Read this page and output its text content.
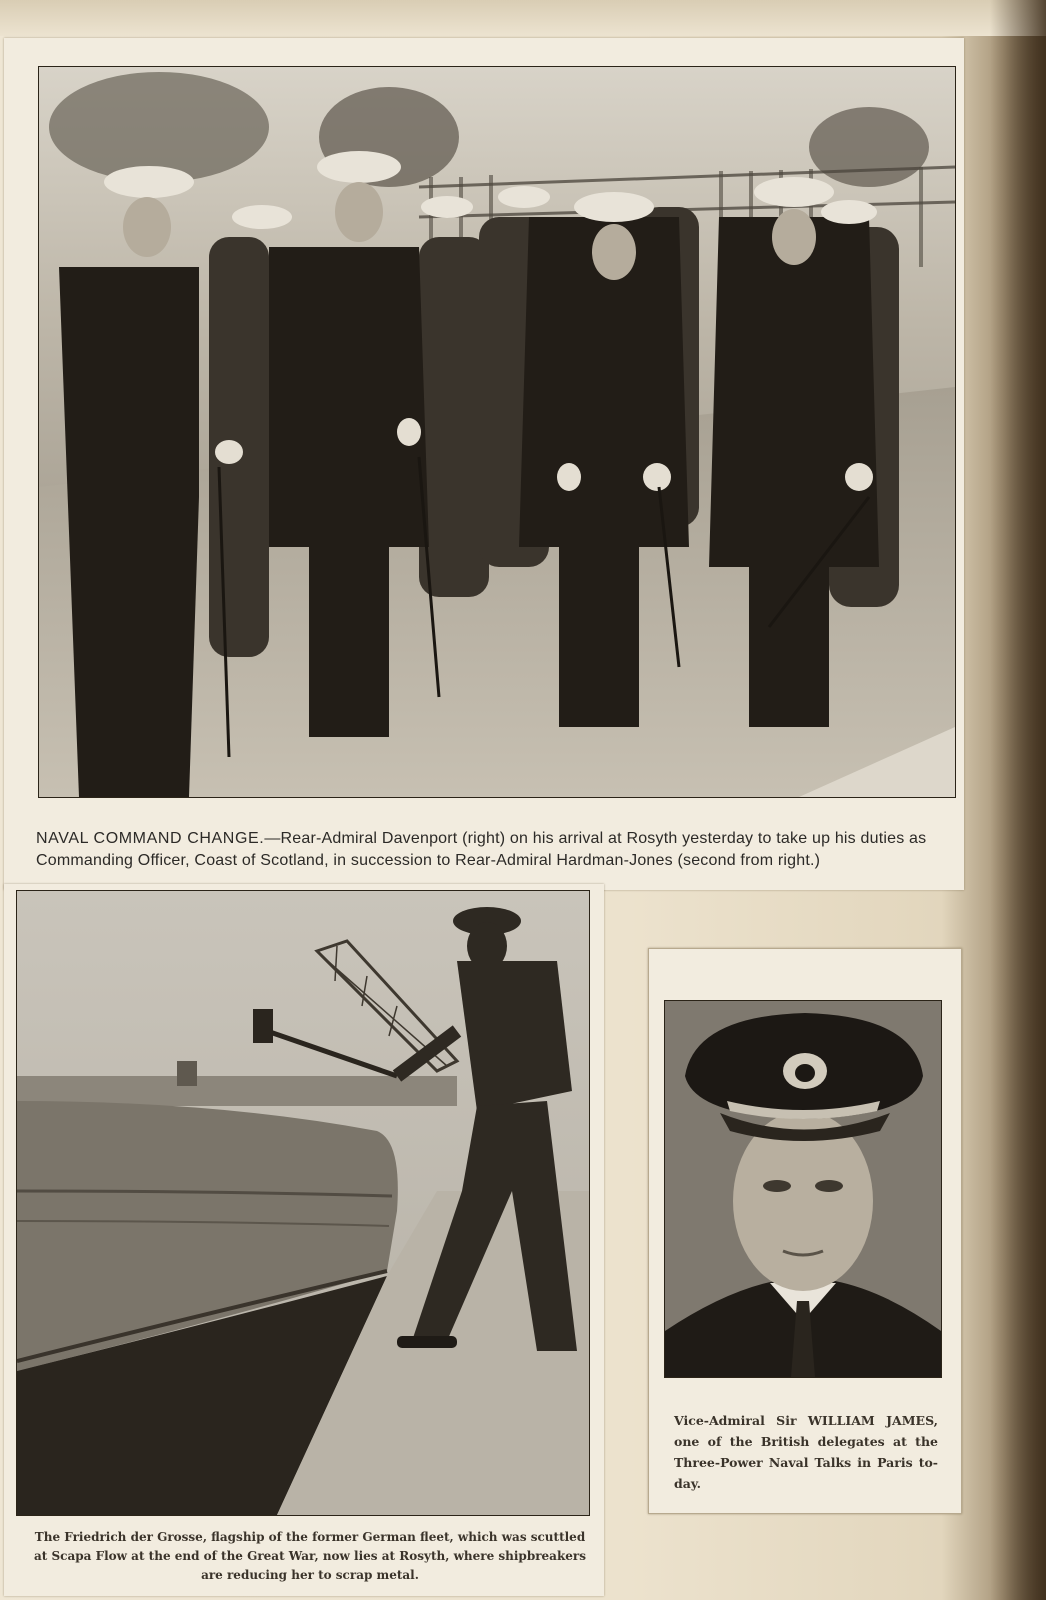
NAVAL COMMAND CHANGE.—Rear-Admiral Davenport (right) on his arrival at Rosyth yesterday to take up his duties as Commanding Officer, Coast of Scotland, in succession to Rear-Admiral Hardman-Jones (second from right.)
The Friedrich der Grosse, flagship of the former German fleet, which was scuttled at Scapa Flow at the end of the Great War, now lies at Rosyth, where shipbreakers are reducing her to scrap metal.
Vice-Admiral Sir WILLIAM JAMES, one of the British delegates at the Three-Power Naval Talks in Paris to-day.
